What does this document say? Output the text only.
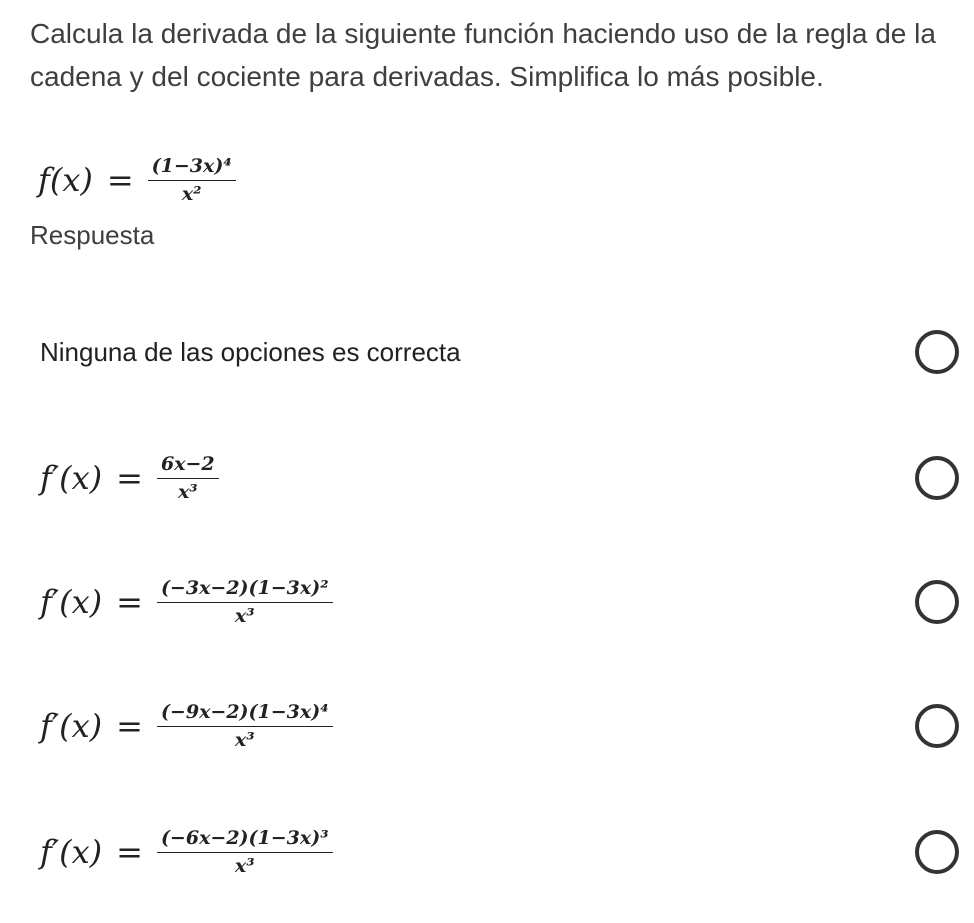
Calcula la derivada de la siguiente función haciendo uso de la regla de la cadena y del cociente para derivadas. Simplifica lo más posible.

$f(x) = \frac{\text{(1−3x)⁴}}{\text{x²}}$

Respuesta

Ninguna de las opciones es correcta
$f'(x) = \frac{6x-2}{\text{x³}}$
$f'(x) = \frac{\text{(−3x−2)(1−3x)²}}{\text{x³}}$
$f'(x) = \frac{\text{(−9x−2)(1−3x)⁴}}{\text{x³}}$
$f'(x) = \frac{\text{(−6x−2)(1−3x)³}}{\text{x³}}$
